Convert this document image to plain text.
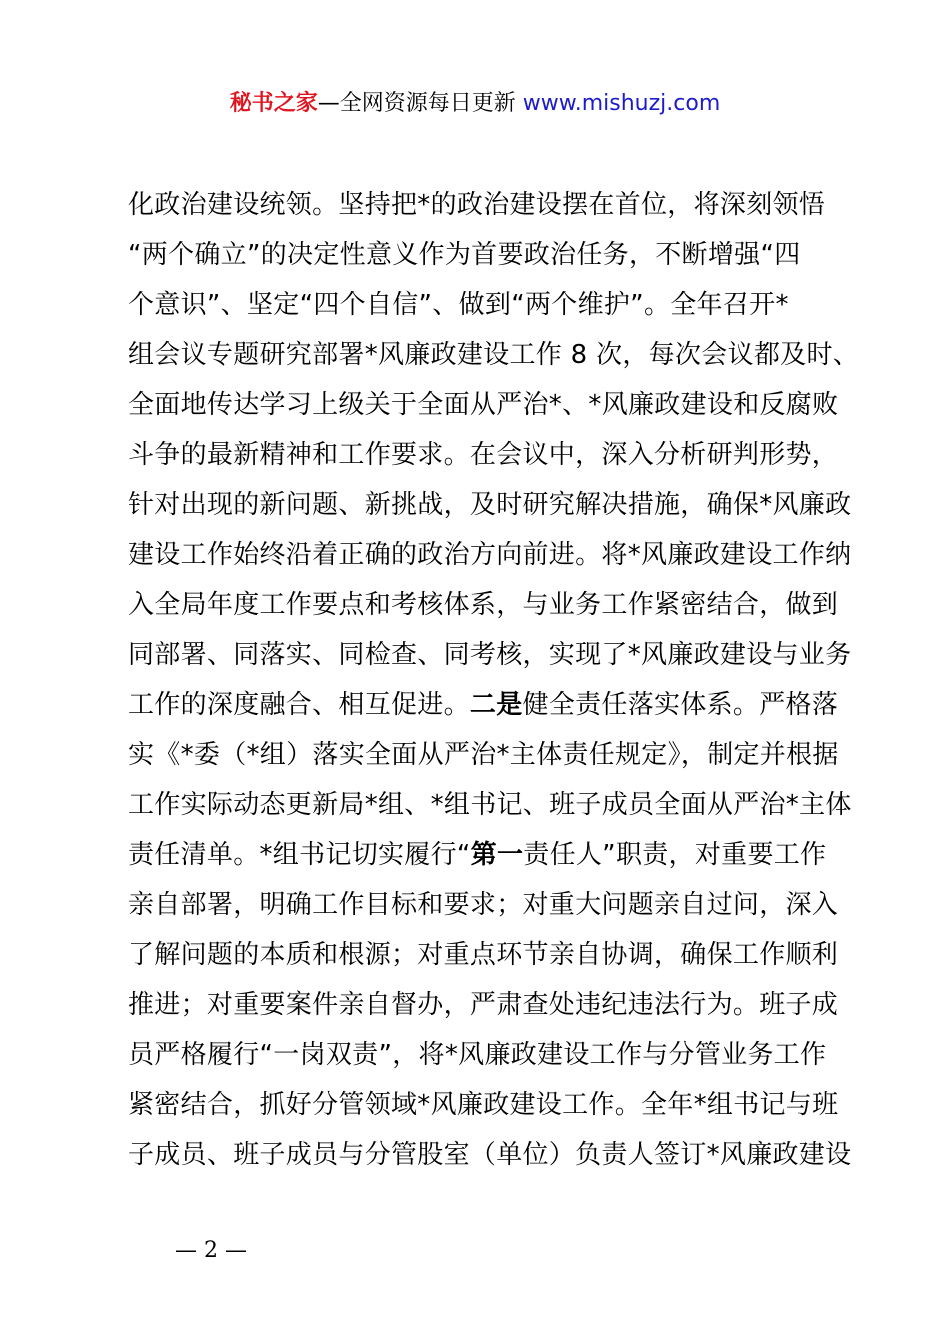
秘书之家—全网资源每日更新 www.mishuzj.com
化政治建设统领。坚持把*的政治建设摆在首位，将深刻领悟
“两个确立”的决定性意义作为首要政治任务，不断增强“四
个意识”、坚定“四个自信”、做到“两个维护”。全年召开*
组会议专题研究部署*风廉政建设工作 8 次，每次会议都及时、
全面地传达学习上级关于全面从严治*、*风廉政建设和反腐败
斗争的最新精神和工作要求。在会议中，深入分析研判形势，
针对出现的新问题、新挑战，及时研究解决措施，确保*风廉政
建设工作始终沿着正确的政治方向前进。将*风廉政建设工作纳
入全局年度工作要点和考核体系，与业务工作紧密结合，做到
同部署、同落实、同检查、同考核，实现了*风廉政建设与业务
工作的深度融合、相互促进。二是健全责任落实体系。严格落
实《*委（*组）落实全面从严治*主体责任规定》，制定并根据
工作实际动态更新局*组、*组书记、班子成员全面从严治*主体
责任清单。*组书记切实履行“第一责任人”职责，对重要工作
亲自部署，明确工作目标和要求；对重大问题亲自过问，深入
了解问题的本质和根源；对重点环节亲自协调，确保工作顺利
推进；对重要案件亲自督办，严肃查处违纪违法行为。班子成
员严格履行“一岗双责”，将*风廉政建设工作与分管业务工作
紧密结合，抓好分管领域*风廉政建设工作。全年*组书记与班
子成员、班子成员与分管股室（单位）负责人签订*风廉政建设
— 2 —
